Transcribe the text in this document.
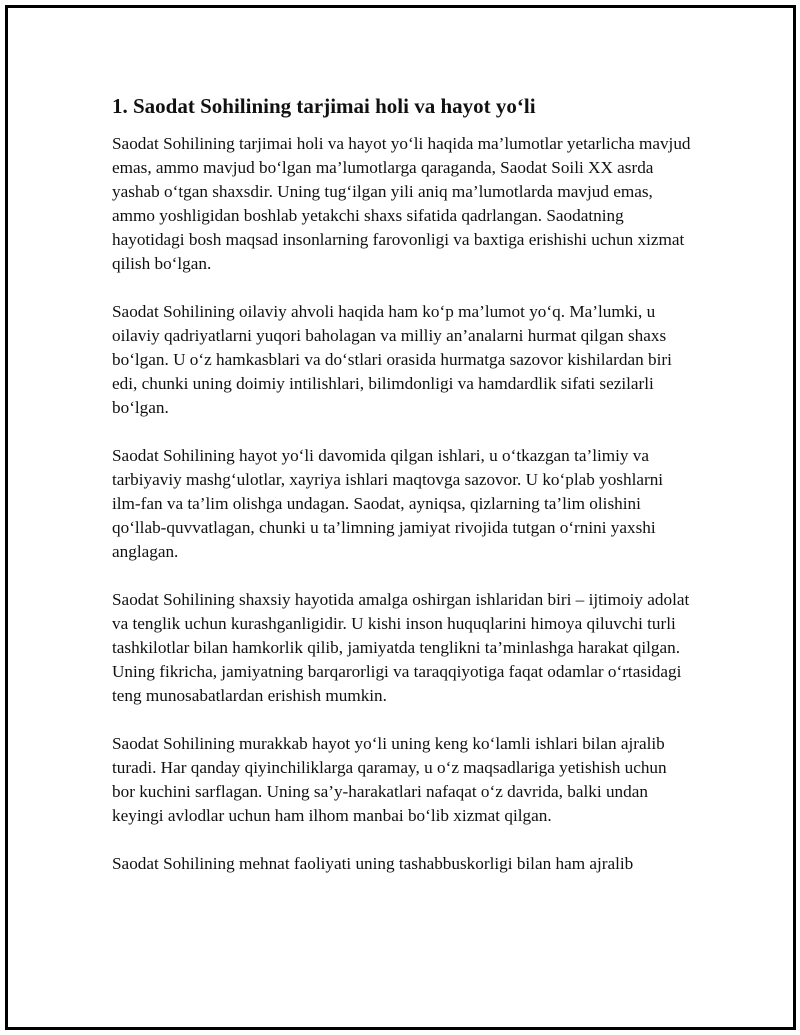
1. Saodat Sohilining tarjimai holi va hayot yo‘li

Saodat Sohilining tarjimai holi va hayot yo‘li haqida ma’lumotlar yetarlicha mavjud emas, ammo mavjud bo‘lgan ma’lumotlarga qaraganda, Saodat Soili XX asrda yashab o‘tgan shaxsdir. Uning tug‘ilgan yili aniq ma’lumotlarda mavjud emas, ammo yoshligidan boshlab yetakchi shaxs sifatida qadrlangan. Saodatning hayotidagi bosh maqsad insonlarning farovonligi va baxtiga erishishi uchun xizmat qilish bo‘lgan.

Saodat Sohilining oilaviy ahvoli haqida ham ko‘p ma’lumot yo‘q. Ma’lumki, u oilaviy qadriyatlarni yuqori baholagan va milliy an’analarni hurmat qilgan shaxs bo‘lgan. U o‘z hamkasblari va do‘stlari orasida hurmatga sazovor kishilardan biri edi, chunki uning doimiy intilishlari, bilimdonligi va hamdardlik sifati sezilarli bo‘lgan.

Saodat Sohilining hayot yo‘li davomida qilgan ishlari, u o‘tkazgan ta’limiy va tarbiyaviy mashg‘ulotlar, xayriya ishlari maqtovga sazovor. U ko‘plab yoshlarni ilm-fan va ta’lim olishga undagan. Saodat, ayniqsa, qizlarning ta’lim olishini qo‘llab-quvvatlagan, chunki u ta’limning jamiyat rivojida tutgan o‘rnini yaxshi anglagan.

Saodat Sohilining shaxsiy hayotida amalga oshirgan ishlaridan biri – ijtimoiy adolat va tenglik uchun kurashganligidir. U kishi inson huquqlarini himoya qiluvchi turli tashkilotlar bilan hamkorlik qilib, jamiyatda tenglikni ta’minlashga harakat qilgan. Uning fikricha, jamiyatning barqarorligi va taraqqiyotiga faqat odamlar o‘rtasidagi teng munosabatlardan erishish mumkin.

Saodat Sohilining murakkab hayot yo‘li uning keng ko‘lamli ishlari bilan ajralib turadi. Har qanday qiyinchiliklarga qaramay, u o‘z maqsadlariga yetishish uchun bor kuchini sarflagan. Uning sa’y-harakatlari nafaqat o‘z davrida, balki undan keyingi avlodlar uchun ham ilhom manbai bo‘lib xizmat qilgan.

Saodat Sohilining mehnat faoliyati uning tashabbuskorligi bilan ham ajralib
